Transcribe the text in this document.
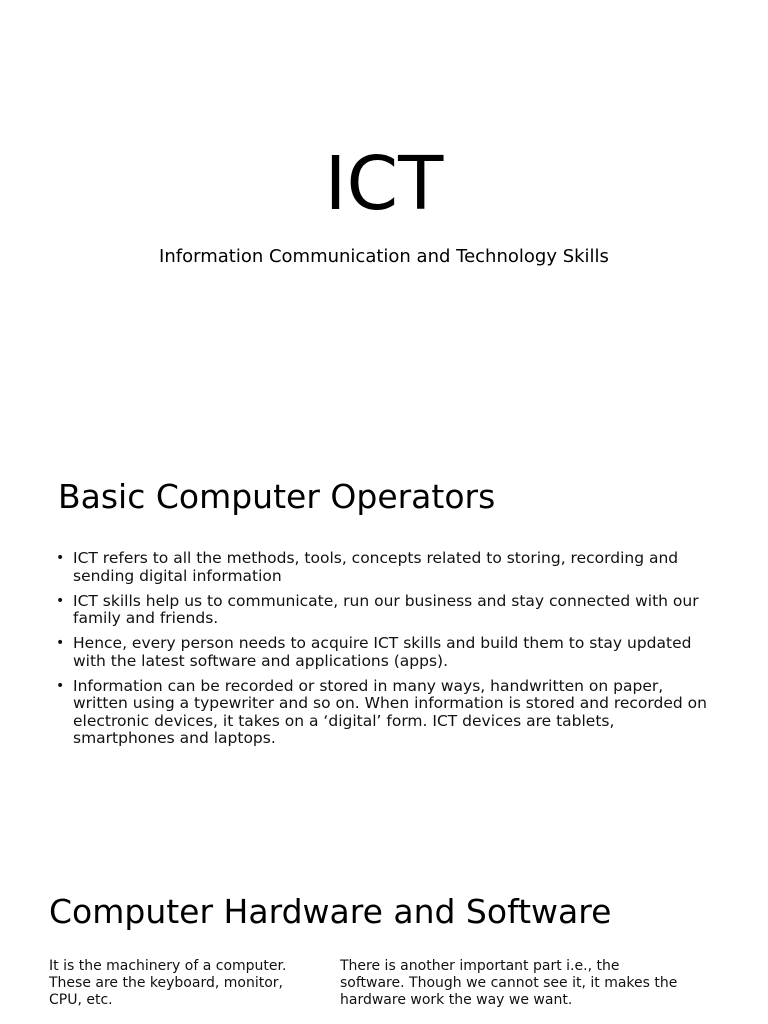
ICT

Information Communication and Technology Skills

Basic Computer Operators
• ICT refers to all the methods, tools, concepts related to storing, recording and sending digital information
• ICT skills help us to communicate, run our business and stay connected with our family and friends.
• Hence, every person needs to acquire ICT skills and build them to stay updated with the latest software and applications (apps).
• Information can be recorded or stored in many ways, handwritten on paper, written using a typewriter and so on. When information is stored and recorded on electronic devices, it takes on a ‘digital’ form. ICT devices are tablets, smartphones and laptops.
Computer Hardware and Software

It is the machinery of a computer. These are the keyboard, monitor, CPU, etc.

There is another important part i.e., the software. Though we cannot see it, it makes the hardware work the way we want.
